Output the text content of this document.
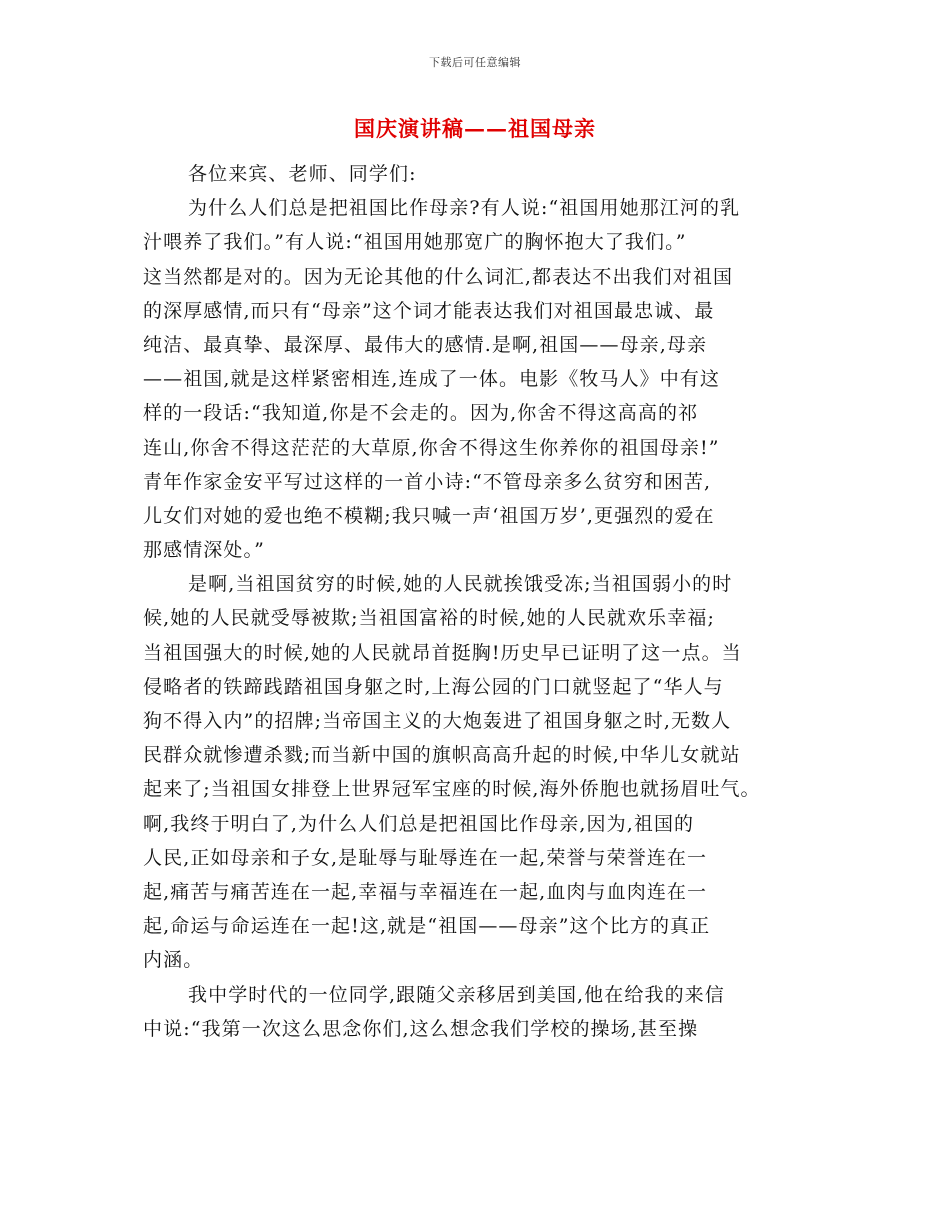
下载后可任意编辑
国庆演讲稿——祖国母亲
各位来宾、老师、同学们:
为什么人们总是把祖国比作母亲?有人说:“祖国用她那江河的乳
汁喂养了我们。”有人说:“祖国用她那宽广的胸怀抱大了我们。”
这当然都是对的。因为无论其他的什么词汇,都表达不出我们对祖国
的深厚感情,而只有“母亲”这个词才能表达我们对祖国最忠诚、最
纯洁、最真挚、最深厚、最伟大的感情.是啊,祖国——母亲,母亲
——祖国,就是这样紧密相连,连成了一体。电影《牧马人》中有这
样的一段话:“我知道,你是不会走的。因为,你舍不得这高高的祁
连山,你舍不得这茫茫的大草原,你舍不得这生你养你的祖国母亲!”
青年作家金安平写过这样的一首小诗:“不管母亲多么贫穷和困苦,
儿女们对她的爱也绝不模糊;我只喊一声‘祖国万岁’,更强烈的爱在
那感情深处。”
是啊,当祖国贫穷的时候,她的人民就挨饿受冻;当祖国弱小的时
候,她的人民就受辱被欺;当祖国富裕的时候,她的人民就欢乐幸福;
当祖国强大的时候,她的人民就昂首挺胸!历史早已证明了这一点。当
侵略者的铁蹄践踏祖国身躯之时,上海公园的门口就竖起了“华人与
狗不得入内”的招牌;当帝国主义的大炮轰进了祖国身躯之时,无数人
民群众就惨遭杀戮;而当新中国的旗帜高高升起的时候,中华儿女就站
起来了;当祖国女排登上世界冠军宝座的时候,海外侨胞也就扬眉吐气。
啊,我终于明白了,为什么人们总是把祖国比作母亲,因为,祖国的
人民,正如母亲和子女,是耻辱与耻辱连在一起,荣誉与荣誉连在一
起,痛苦与痛苦连在一起,幸福与幸福连在一起,血肉与血肉连在一
起,命运与命运连在一起!这,就是“祖国——母亲”这个比方的真正
内涵。
我中学时代的一位同学,跟随父亲移居到美国,他在给我的来信
中说:“我第一次这么思念你们,这么想念我们学校的操场,甚至操
